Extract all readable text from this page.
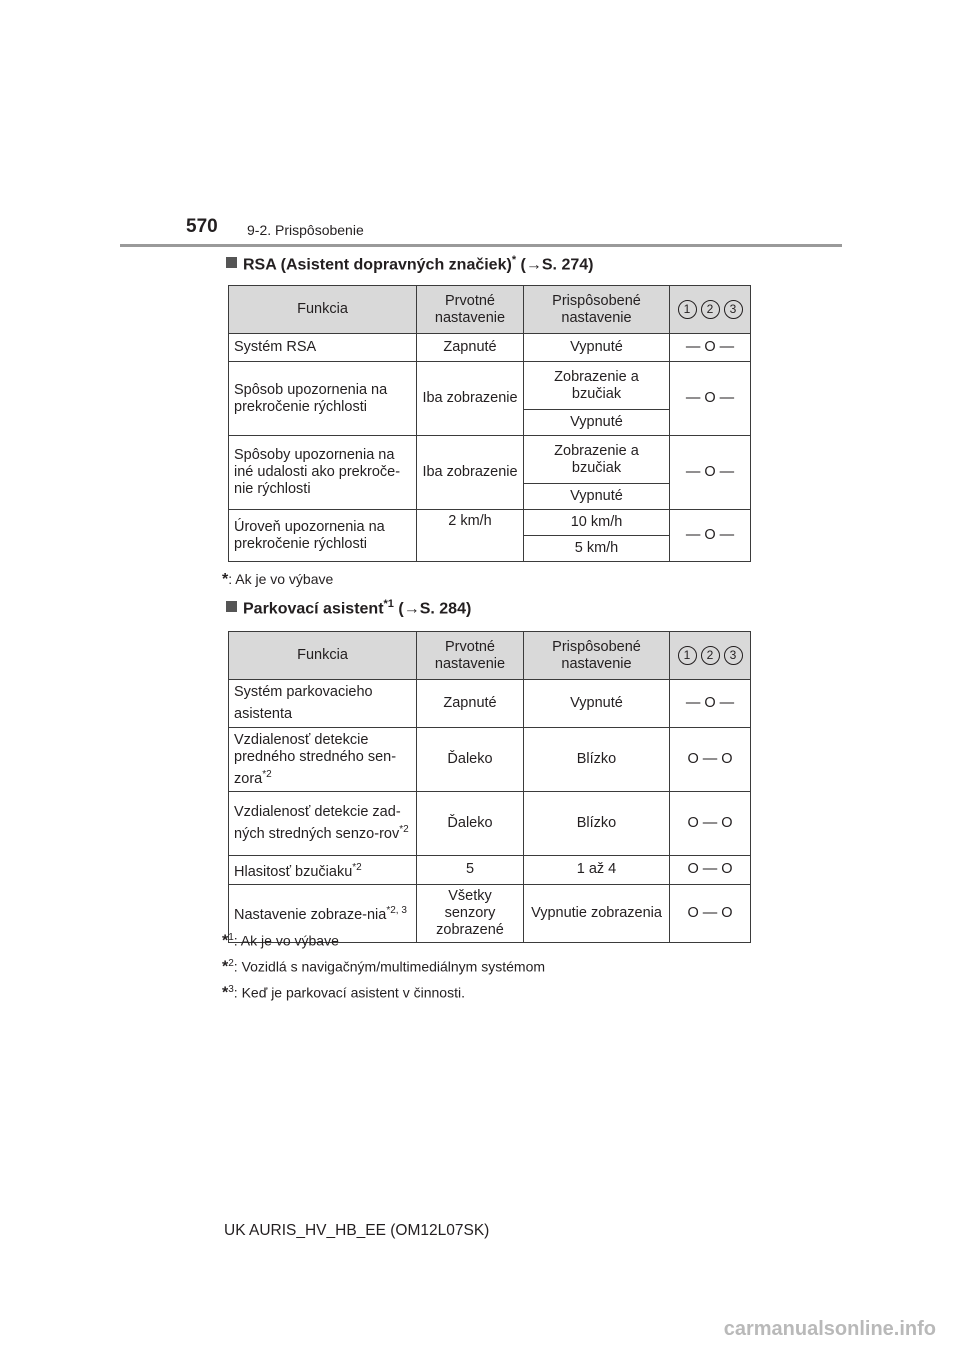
570 9-2. Prispôsobenie
RSA (Asistent dopravných značiek)* (→S. 274)
Funkcia	Prvotné nastavenie	Prispôsobené nastavenie	1 2 3
Systém RSA	Zapnuté	Vypnuté	— O —
Spôsob upozornenia na prekročenie rýchlosti	Iba zobrazenie	Zobrazenie a bzučiak	— O —
		Vypnuté	
Spôsoby upozornenia na iné udalosti ako prekroče-nie rýchlosti	Iba zobrazenie	Zobrazenie a bzučiak	— O —
		Vypnuté	
Úroveň upozornenia na prekročenie rýchlosti	2 km/h	10 km/h	— O —
		5 km/h	
*: Ak je vo výbave
Parkovací asistent$^{*1}$ (→S. 284)
Funkcia	Prvotné nastavenie	Prispôsobené nastavenie	1 2 3
Systém parkovacieho asistenta	Zapnuté	Vypnuté	— O —
Vzdialenosť detekcie predného stredného sen-zora$^{*2}$	Ďaleko	Blízko	O — O
Vzdialenosť detekcie zad-ných stredných senzo-rov$^{*2}$	Ďaleko	Blízko	O — O
Hlasitosť bzučiaku$^{*2}$	5	1 až 4	O — O
Nastavenie zobraze-nia$^{*2, 3}$	Všetky senzory zobrazené	Vypnutie zobrazenia	O — O
*$^1$: Ak je vo výbave
*$^2$: Vozidlá s navigačným/multimediálnym systémom
*$^3$: Keď je parkovací asistent v činnosti.
UK AURIS_HV_HB_EE (OM12L07SK)
carmanualsonline.info
